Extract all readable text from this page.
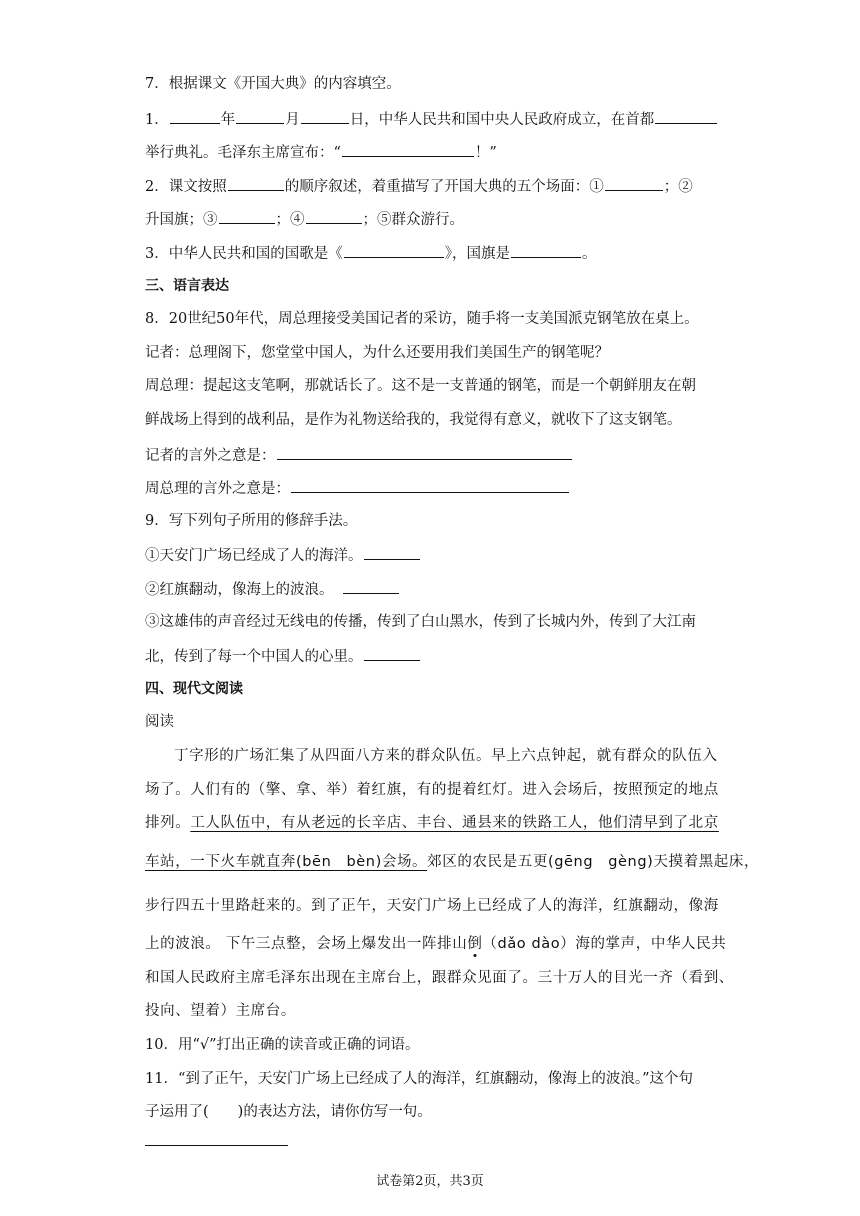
7．根据课文《开国大典》的内容填空。
1．	年	月	日，中华人民共和国中央人民政府成立，在首都
举行典礼。毛泽东主席宣布：“	！”
2．课文按照	的顺序叙述，着重描写了开国大典的五个场面：①	；②
升国旗；③	；④	；⑤群众游行。
3．中华人民共和国的国歌是《	》，国旗是	。
三、语言表达
8．20世纪50年代，周总理接受美国记者的采访，随手将一支美国派克钢笔放在桌上。
记者：总理阁下，您堂堂中国人，为什么还要用我们美国生产的钢笔呢？
周总理：提起这支笔啊，那就话长了。这不是一支普通的钢笔，而是一个朝鲜朋友在朝
鲜战场上得到的战利品，是作为礼物送给我的，我觉得有意义，就收下了这支钢笔。
记者的言外之意是：
周总理的言外之意是：
9．写下列句子所用的修辞手法。
①天安门广场已经成了人的海洋。
②红旗翻动，像海上的波浪。
③这雄伟的声音经过无线电的传播，传到了白山黑水，传到了长城内外，传到了大江南
北，传到了每一个中国人的心里。
四、现代文阅读
阅读
丁字形的广场汇集了从四面八方来的群众队伍。早上六点钟起，就有群众的队伍入
场了。人们有的（擎、拿、举）着红旗，有的提着红灯。进入会场后，按照预定的地点
排列。工人队伍中，有从老远的长辛店、丰台、通县来的铁路工人，他们清早到了北京
车站，一下火车就直奔(bēn　bèn)会场。郊区的农民是五更(gēng　gèng)天摸着黑起床，
步行四五十里路赶来的。到了正午，天安门广场上已经成了人的海洋，红旗翻动，像海
上的波浪。 下午三点整，会场上爆发出一阵排山倒（dǎo dào）海的掌声，中华人民共
和国人民政府主席毛泽东出现在主席台上，跟群众见面了。三十万人的目光一齐（看到、
投向、望着）主席台。
10．用“√”打出正确的读音或正确的词语。
11．“到了正午，天安门广场上已经成了人的海洋，红旗翻动，像海上的波浪。”这个句
子运用了(　　)的表达方法，请你仿写一句。
试卷第2页，共3页
